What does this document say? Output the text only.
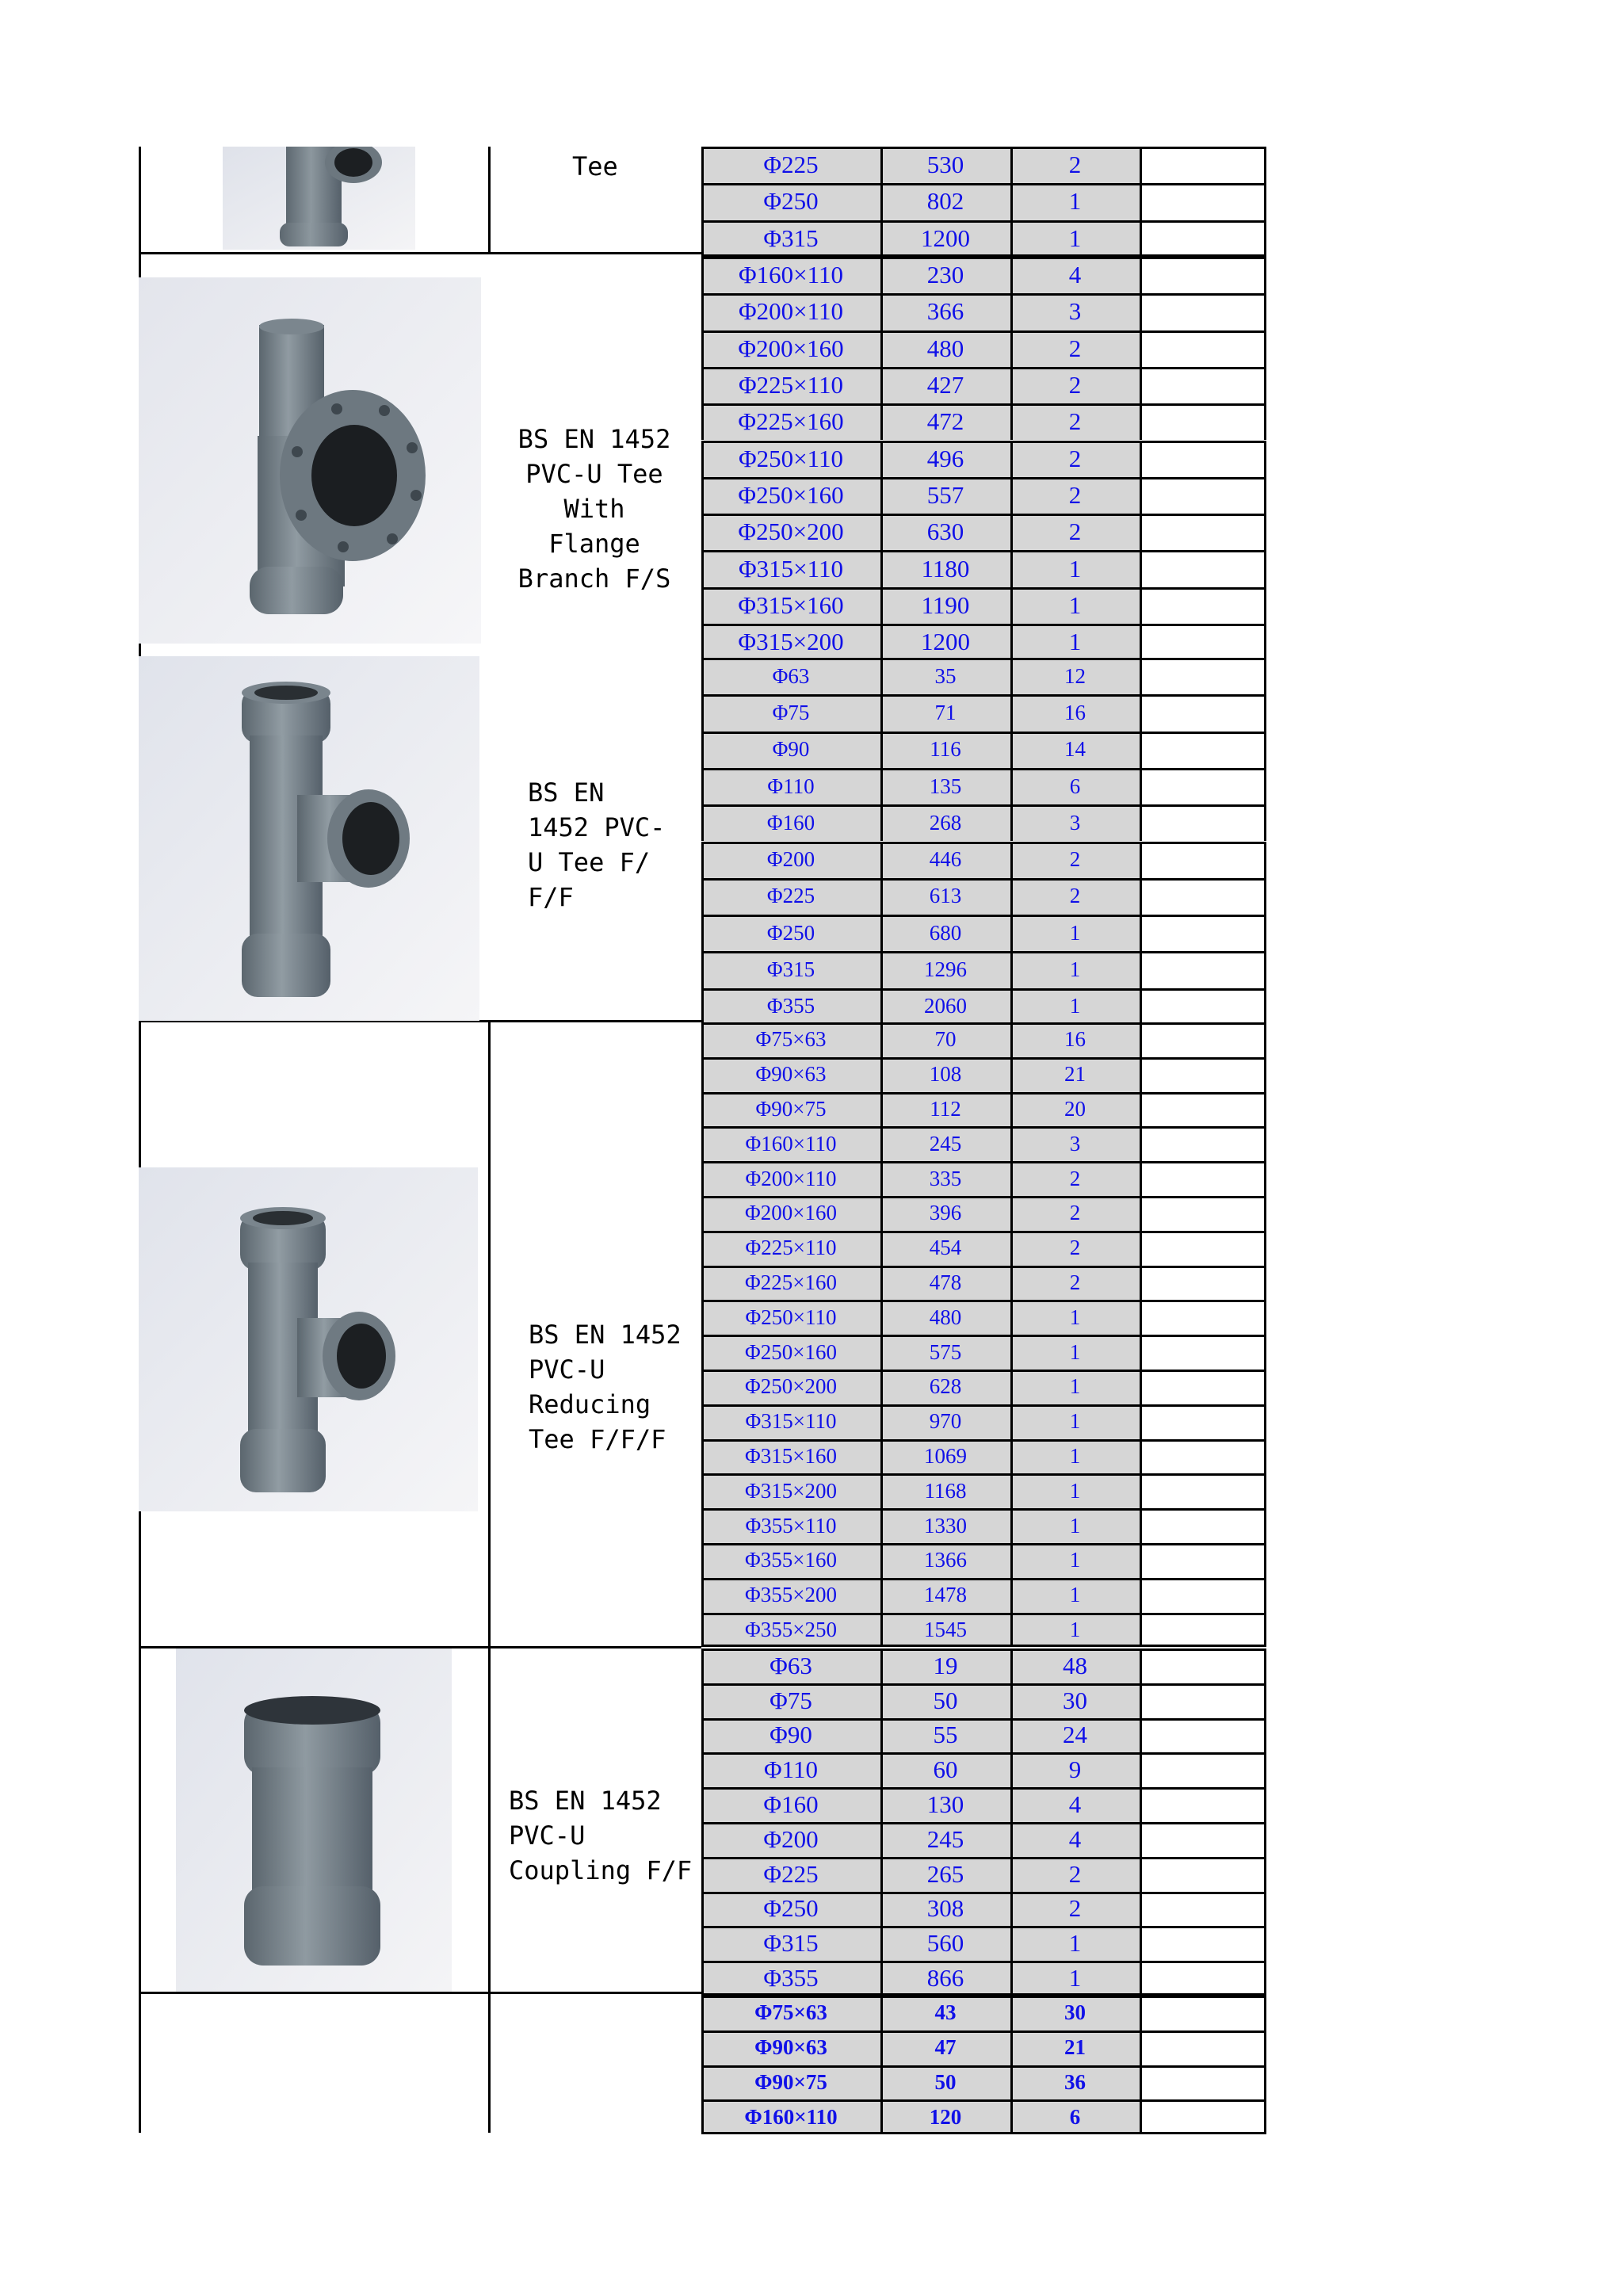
Tee
BS EN 1452
PVC-U Tee
With Flange
Branch F/S
BS EN
1452 PVC-
U Tee F/
F/F
BS EN 1452
PVC-U
Reducing
Tee F/F/F
BS EN 1452
PVC-U
Coupling F/F
Φ225	530	2
Φ250	802	1
Φ315	1200	1
Φ160×110	230	4
Φ200×110	366	3
Φ200×160	480	2
Φ225×110	427	2
Φ225×160	472	2
Φ250×110	496	2
Φ250×160	557	2
Φ250×200	630	2
Φ315×110	1180	1
Φ315×160	1190	1
Φ315×200	1200	1
Φ63	35	12
Φ75	71	16
Φ90	116	14
Φ110	135	6
Φ160	268	3
Φ200	446	2
Φ225	613	2
Φ250	680	1
Φ315	1296	1
Φ355	2060	1
Φ75×63	70	16
Φ90×63	108	21
Φ90×75	112	20
Φ160×110	245	3
Φ200×110	335	2
Φ200×160	396	2
Φ225×110	454	2
Φ225×160	478	2
Φ250×110	480	1
Φ250×160	575	1
Φ250×200	628	1
Φ315×110	970	1
Φ315×160	1069	1
Φ315×200	1168	1
Φ355×110	1330	1
Φ355×160	1366	1
Φ355×200	1478	1
Φ355×250	1545	1
Φ63	19	48
Φ75	50	30
Φ90	55	24
Φ110	60	9
Φ160	130	4
Φ200	245	4
Φ225	265	2
Φ250	308	2
Φ315	560	1
Φ355	866	1
Φ75×63	43	30
Φ90×63	47	21
Φ90×75	50	36
Φ160×110	120	6
